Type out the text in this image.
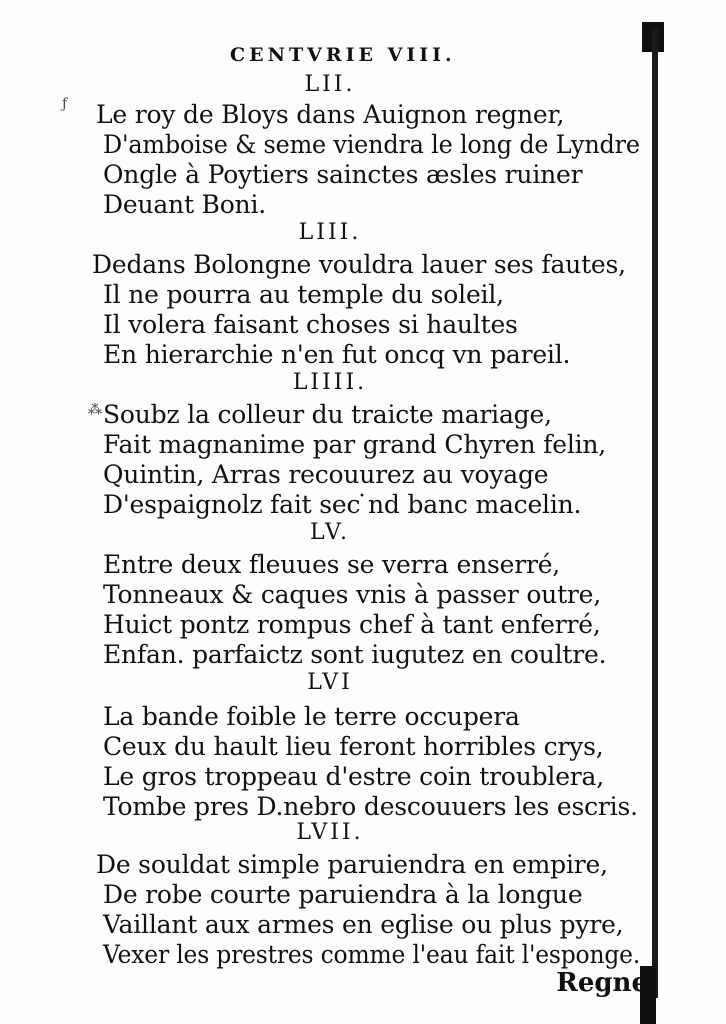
CENTVRIE VIII.
LII.
ƒ Le roy de Bloys dans Auignon regner,
D'amboise & seme viendra le long de Lyndre
Ongle à Poytiers sainctes æsles ruiner
Deuant Boni.
LIII.
Dedans Bolongne vouldra lauer ses fautes,
Il ne pourra au temple du soleil,
Il volera faisant choses si haultes
En hierarchie n'en fut oncq vn pareil.
LIIII.
⁂ Soubz la colleur du traicte mariage,
Fait magnanime par grand Chyren felin,
Quintin, Arras recouurez au voyage
D'espaignolz fait sec ̇nd banc macelin.
LV.
Entre deux fleuues se verra enserré,
Tonneaux & caques vnis à passer outre,
Huict pontz rompus chef à tant enferré,
Enfan. parfaictz sont iugutez en coultre.
LVI
La bande foible le terre occupera
Ceux du hault lieu feront horribles crys,
Le gros troppeau d'estre coin troublera,
Tombe pres D.nebro descouuers les escris.
LVII.
De souldat simple paruiendra en empire,
De robe courte paruiendra à la longue
Vaillant aux armes en eglise ou plus pyre,
Vexer les prestres comme l'eau fait l'esponge.
Regne
